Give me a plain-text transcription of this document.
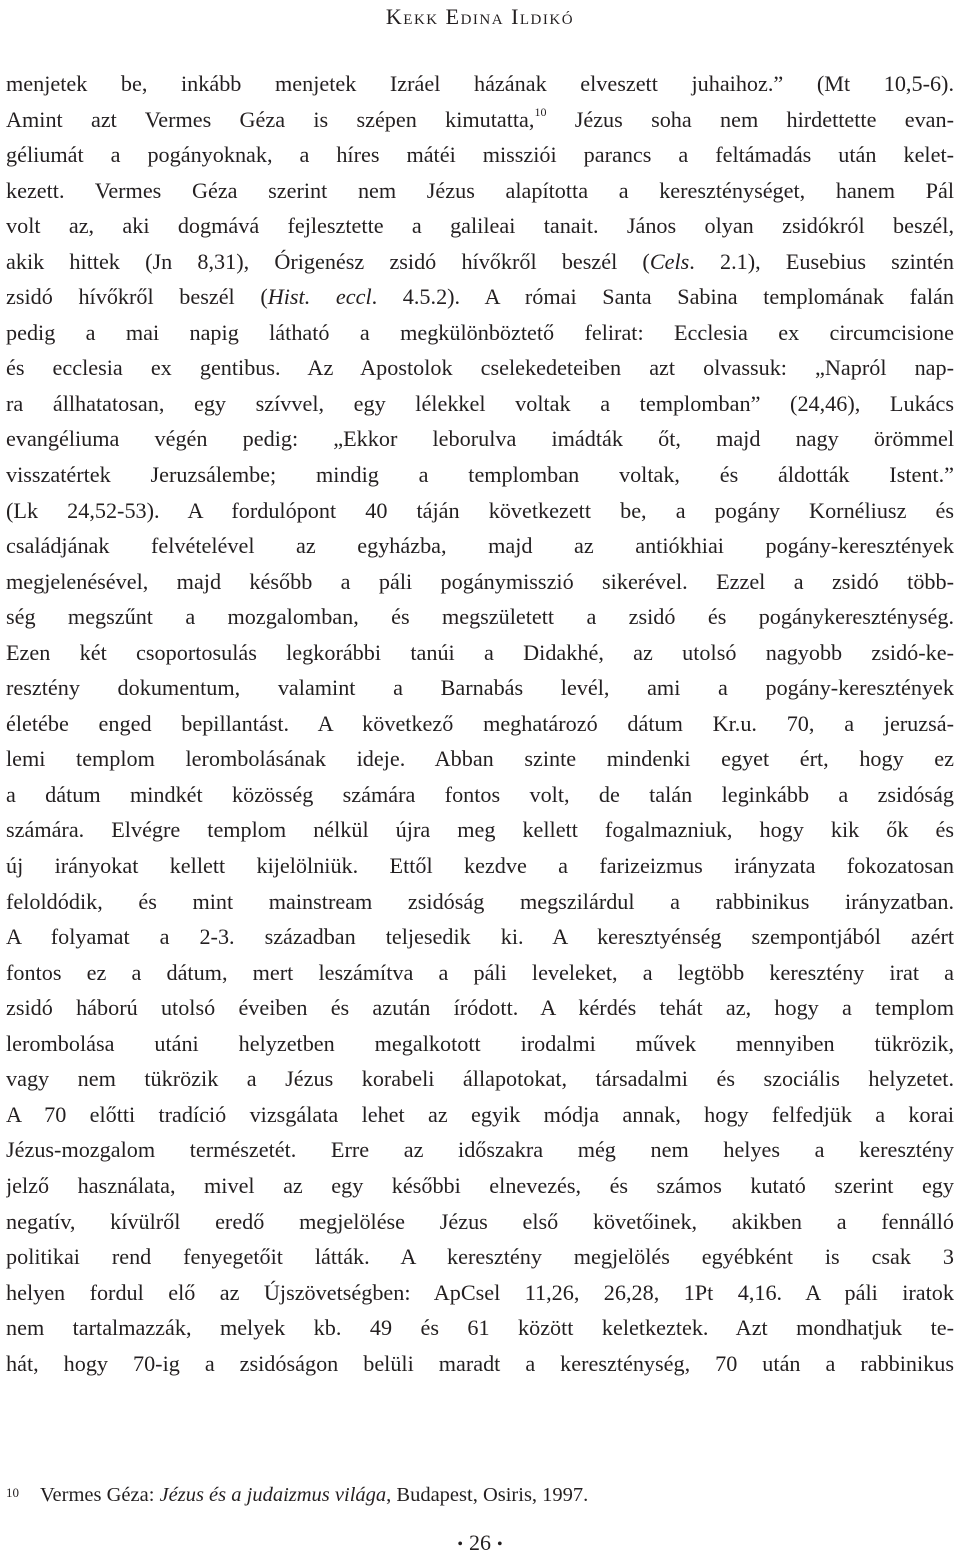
Kekk Edina Ildikó
menjetek be, inkább menjetek Izráel házának elveszett juhaihoz.” (Mt 10,5-6).
Amint azt Vermes Géza is szépen kimutatta,$^{10}$ Jézus soha nem hirdettette evan-
géliumát a pogányoknak, a híres mátéi missziói parancs a feltámadás után kelet-
kezett. Vermes Géza szerint nem Jézus alapította a kereszténységet, hanem Pál
volt az, aki dogmává fejlesztette a galileai tanait. János olyan zsidókról beszél,
akik hittek (Jn 8,31), Órigenész zsidó hívőkről beszél (Cels. 2.1), Eusebius szintén
zsidó hívőkről beszél (Hist. eccl. 4.5.2). A római Santa Sabina templomának falán
pedig a mai napig látható a megkülönböztető felirat: Ecclesia ex circumcisione
és ecclesia ex gentibus. Az Apostolok cselekedeteiben azt olvassuk: „Napról nap-
ra állhatatosan, egy szívvel, egy lélekkel voltak a templomban” (24,46), Lukács
evangéliuma végén pedig: „Ekkor leborulva imádták őt, majd nagy örömmel
visszatértek Jeruzsálembe; mindig a templomban voltak, és áldották Istent.”
(Lk 24,52-53). A fordulópont 40 táján következett be, a pogány Kornéliusz és
családjának felvételével az egyházba, majd az antiókhiai pogány-keresztények
megjelenésével, majd később a páli pogánymisszió sikerével. Ezzel a zsidó több-
ség megszűnt a mozgalomban, és megszületett a zsidó és pogánykereszténység.
Ezen két csoportosulás legkorábbi tanúi a Didakhé, az utolsó nagyobb zsidó-ke-
resztény dokumentum, valamint a Barnabás levél, ami a pogány-keresztények
életébe enged bepillantást. A következő meghatározó dátum Kr.u. 70, a jeruzsá-
lemi templom lerombolásának ideje. Abban szinte mindenki egyet ért, hogy ez
a dátum mindkét közösség számára fontos volt, de talán leginkább a zsidóság
számára. Elvégre templom nélkül újra meg kellett fogalmazniuk, hogy kik ők és
új irányokat kellett kijelölniük. Ettől kezdve a farizeizmus irányzata fokozatosan
feloldódik, és mint mainstream zsidóság megszilárdul a rabbinikus irányzatban.
A folyamat a 2-3. században teljesedik ki. A keresztyénség szempontjából azért
fontos ez a dátum, mert leszámítva a páli leveleket, a legtöbb keresztény irat a
zsidó háború utolsó éveiben és azután íródott. A kérdés tehát az, hogy a templom
lerombolása utáni helyzetben megalkotott irodalmi művek mennyiben tükrözik,
vagy nem tükrözik a Jézus korabeli állapotokat, társadalmi és szociális helyzetet.
A 70 előtti tradíció vizsgálata lehet az egyik módja annak, hogy felfedjük a korai
Jézus-mozgalom természetét. Erre az időszakra még nem helyes a keresztény
jelző használata, mivel az egy későbbi elnevezés, és számos kutató szerint egy
negatív, kívülről eredő megjelölése Jézus első követőinek, akikben a fennálló
politikai rend fenyegetőit látták. A keresztény megjelölés egyébként is csak 3
helyen fordul elő az Újszövetségben: ApCsel 11,26, 26,28, 1Pt 4,16. A páli iratok
nem tartalmazzák, melyek kb. 49 és 61 között keletkeztek. Azt mondhatjuk te-
hát, hogy 70-ig a zsidóságon belüli maradt a kereszténység, 70 után a rabbinikus
10 Vermes Géza: Jézus és a judaizmus világa, Budapest, Osiris, 1997.
• 26 •
